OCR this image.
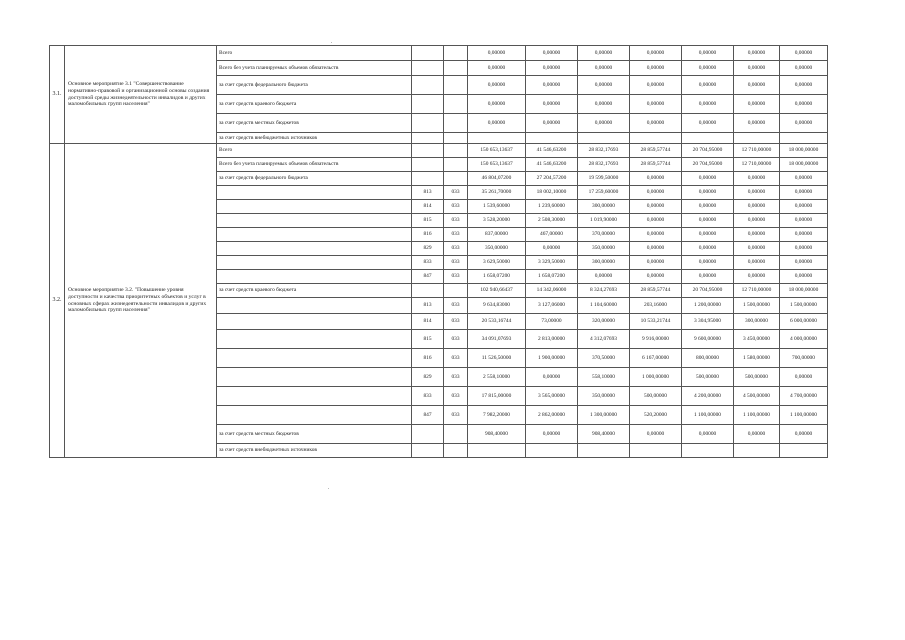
3.1.	Основное мероприятие 3.1 "Совершенствование нормативно-правовой и организационной основы создания доступной среды жизнедеятельности инвалидов и других маломобильных групп населения"	Всего			0,00000	0,00000	0,00000	0,00000	0,00000	0,00000	0,00000
		Всего без учета планируемых объемов обязательств			0,00000	0,00000	0,00000	0,00000	0,00000	0,00000	0,00000
		за счет средств федерального бюджета			0,00000	0,00000	0,00000	0,00000	0,00000	0,00000	0,00000
		за счет средств краевого бюджета			0,00000	0,00000	0,00000	0,00000	0,00000	0,00000	0,00000
		за счет средств местных бюджетов			0,00000	0,00000	0,00000	0,00000	0,00000	0,00000	0,00000
		за счет средств внебюджетных источников									
3.2.	Основное мероприятие 3.2. "Повышение уровня доступности и качества приоритетных объектов и услуг в основных сферах жизнедеятельности инвалидов и других маломобильных групп населения"	Всего			150 653,13637	41 546,63200	28 832,17693	28 859,57744	20 704,95000	12 710,00000	18 000,00000
		Всего без учета планируемых объемов обязательств			150 653,13637	41 546,63200	28 832,17693	28 859,57744	20 704,95000	12 710,00000	18 000,00000
		за счет средств федерального бюджета			46 804,07200	27 204,57200	19 599,50000	0,00000	0,00000	0,00000	0,00000
			813	033	35 261,70000	18 002,10000	17 259,60000	0,00000	0,00000	0,00000	0,00000
			814	033	1 539,60000	1 239,60000	300,00000	0,00000	0,00000	0,00000	0,00000
			815	033	3 528,20000	2 508,30000	1 019,90000	0,00000	0,00000	0,00000	0,00000
			816	033	837,00000	467,00000	370,00000	0,00000	0,00000	0,00000	0,00000
			829	033	350,00000	0,00000	350,00000	0,00000	0,00000	0,00000	0,00000
			833	033	3 629,50000	3 329,50000	300,00000	0,00000	0,00000	0,00000	0,00000
			847	033	1 658,07200	1 658,07200	0,00000	0,00000	0,00000	0,00000	0,00000
		за счет средств краевого бюджета			102 940,66437	14 342,06000	8 324,27693	28 859,57744	20 704,95000	12 710,00000	18 000,00000
			813	033	9 634,83000	3 127,06000	1 104,60000	203,16000	1 200,00000	1 500,00000	1 500,00000
			814	033	20 533,16744	73,00000	320,00000	10 533,21744	3 304,95000	300,00000	6 000,00000
			815	033	34 091,07693	2 813,00000	4 312,07693	9 916,00000	9 600,00000	3 450,00000	4 000,00000
			816	033	11 526,50000	1 900,00000	370,50000	6 167,00000	800,00000	1 580,00000	700,00000
			829	033	2 558,10000	0,00000	558,10000	1 000,00000	500,00000	500,00000	0,00000
			833	033	17 815,00000	3 565,00000	350,00000	500,00000	4 200,00000	4 500,00000	4 700,00000
			847	033	7 982,20000	2 862,00000	1 300,00000	520,20000	1 100,00000	1 100,00000	1 100,00000
		за счет средств местных бюджетов			908,40000	0,00000	908,40000	0,00000	0,00000	0,00000	0,00000
		за счет средств внебюджетных источников									
